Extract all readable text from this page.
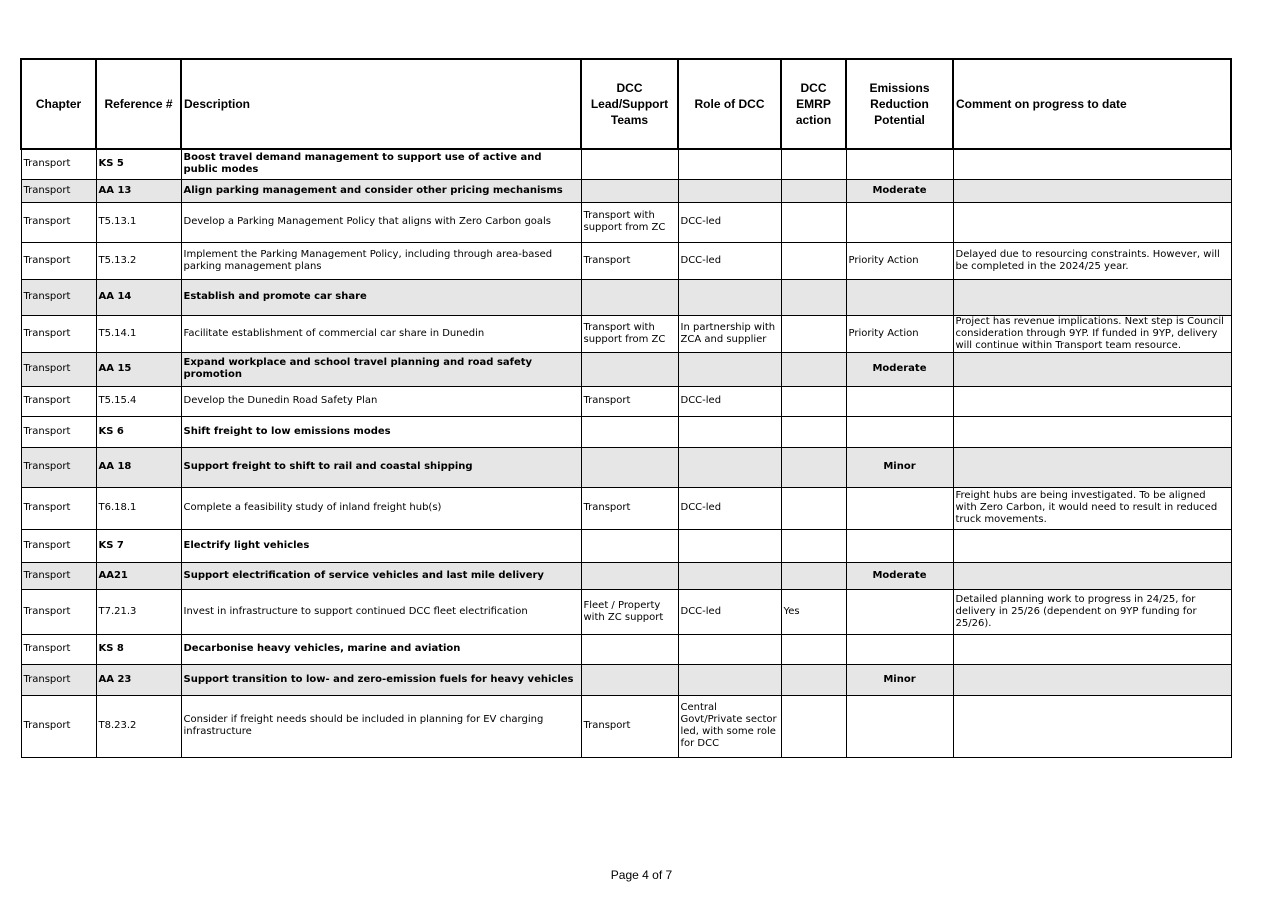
Chapter	Reference #	Description	DCC Lead/Support Teams	Role of DCC	DCC EMRP action	Emissions Reduction Potential	Comment on progress to date
Transport	KS 5	Boost travel demand management to support use of active and public modes					
Transport	AA 13	Align parking management and consider other pricing mechanisms				Moderate	
Transport	T5.13.1	Develop a Parking Management Policy that aligns with Zero Carbon goals	Transport with support from ZC	DCC-led			
Transport	T5.13.2	Implement the Parking Management Policy, including through area-based parking management plans	Transport	DCC-led		Priority Action	Delayed due to resourcing constraints. However, will be completed in the 2024/25 year.
Transport	AA 14	Establish and promote car share					
Transport	T5.14.1	Facilitate establishment of commercial car share in Dunedin	Transport with support from ZC	In partnership with ZCA and supplier		Priority Action	Project has revenue implications. Next step is Council consideration through 9YP. If funded in 9YP, delivery will continue within Transport team resource.
Transport	AA 15	Expand workplace and school travel planning and road safety promotion				Moderate	
Transport	T5.15.4	Develop the Dunedin Road Safety Plan	Transport	DCC-led			
Transport	KS 6	Shift freight to low emissions modes					
Transport	AA 18	Support freight to shift to rail and coastal shipping				Minor	
Transport	T6.18.1	Complete a feasibility study of inland freight hub(s)	Transport	DCC-led			Freight hubs are being investigated. To be aligned with Zero Carbon, it would need to result in reduced truck movements.
Transport	KS 7	Electrify light vehicles					
Transport	AA21	Support electrification of service vehicles and last mile delivery				Moderate	
Transport	T7.21.3	Invest in infrastructure to support continued DCC fleet electrification	Fleet / Property with ZC support	DCC-led	Yes		Detailed planning work to progress in 24/25, for delivery in 25/26 (dependent on 9YP funding for 25/26).
Transport	KS 8	Decarbonise heavy vehicles, marine and aviation					
Transport	AA 23	Support transition to low- and zero-emission fuels for heavy vehicles				Minor	
Transport	T8.23.2	Consider if freight needs should be included in planning for EV charging infrastructure	Transport	Central Govt/Private sector led, with some role for DCC			
Page 4 of 7
